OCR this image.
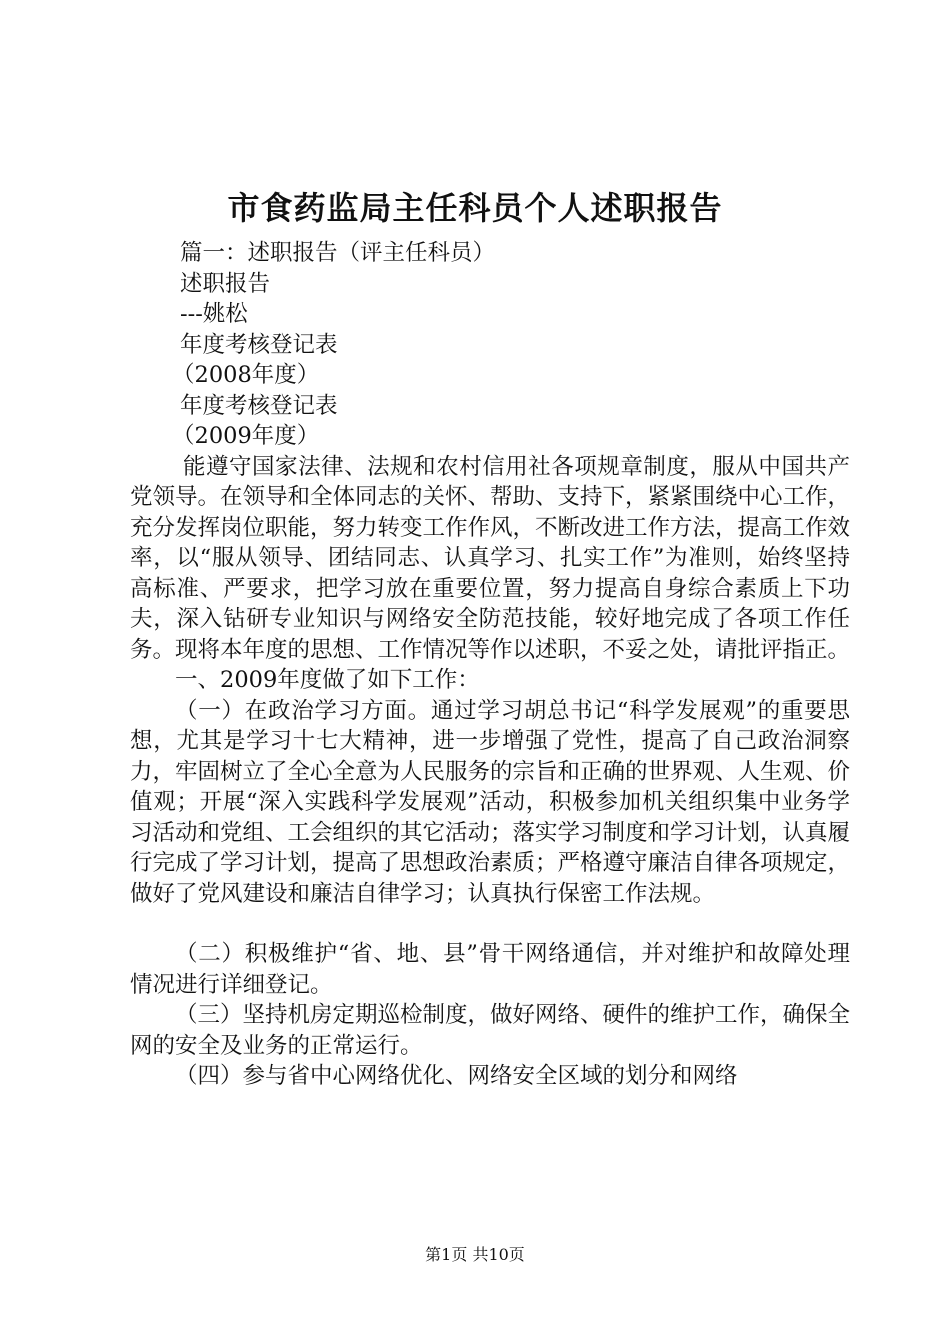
市食药监局主任科员个人述职报告

篇一：述职报告（评主任科员）

述职报告

---姚松

年度考核登记表

（2008年度）

年度考核登记表

（2009年度）

能遵守国家法律、法规和农村信用社各项规章制度，服从中国共产党领导。在领导和全体同志的关怀、帮助、支持下，紧紧围绕中心工作，充分发挥岗位职能，努力转变工作作风，不断改进工作方法，提高工作效率，以“服从领导、团结同志、认真学习、扎实工作”为准则，始终坚持高标准、严要求，把学习放在重要位置，努力提高自身综合素质上下功夫，深入钻研专业知识与网络安全防范技能，较好地完成了各项工作任务。现将本年度的思想、工作情况等作以述职，不妥之处，请批评指正。

一、2009年度做了如下工作：

（一）在政治学习方面。通过学习胡总书记“科学发展观”的重要思想，尤其是学习十七大精神，进一步增强了党性，提高了自己政治洞察力，牢固树立了全心全意为人民服务的宗旨和正确的世界观、人生观、价值观；开展“深入实践科学发展观”活动，积极参加机关组织集中业务学习活动和党组、工会组织的其它活动；落实学习制度和学习计划，认真履行完成了学习计划，提高了思想政治素质；严格遵守廉洁自律各项规定，做好了党风建设和廉洁自律学习；认真执行保密工作法规。

（二）积极维护“省、地、县”骨干网络通信，并对维护和故障处理情况进行详细登记。

（三）坚持机房定期巡检制度，做好网络、硬件的维护工作，确保全网的安全及业务的正常运行。

（四）参与省中心网络优化、网络安全区域的划分和网络

第1页 共10页
